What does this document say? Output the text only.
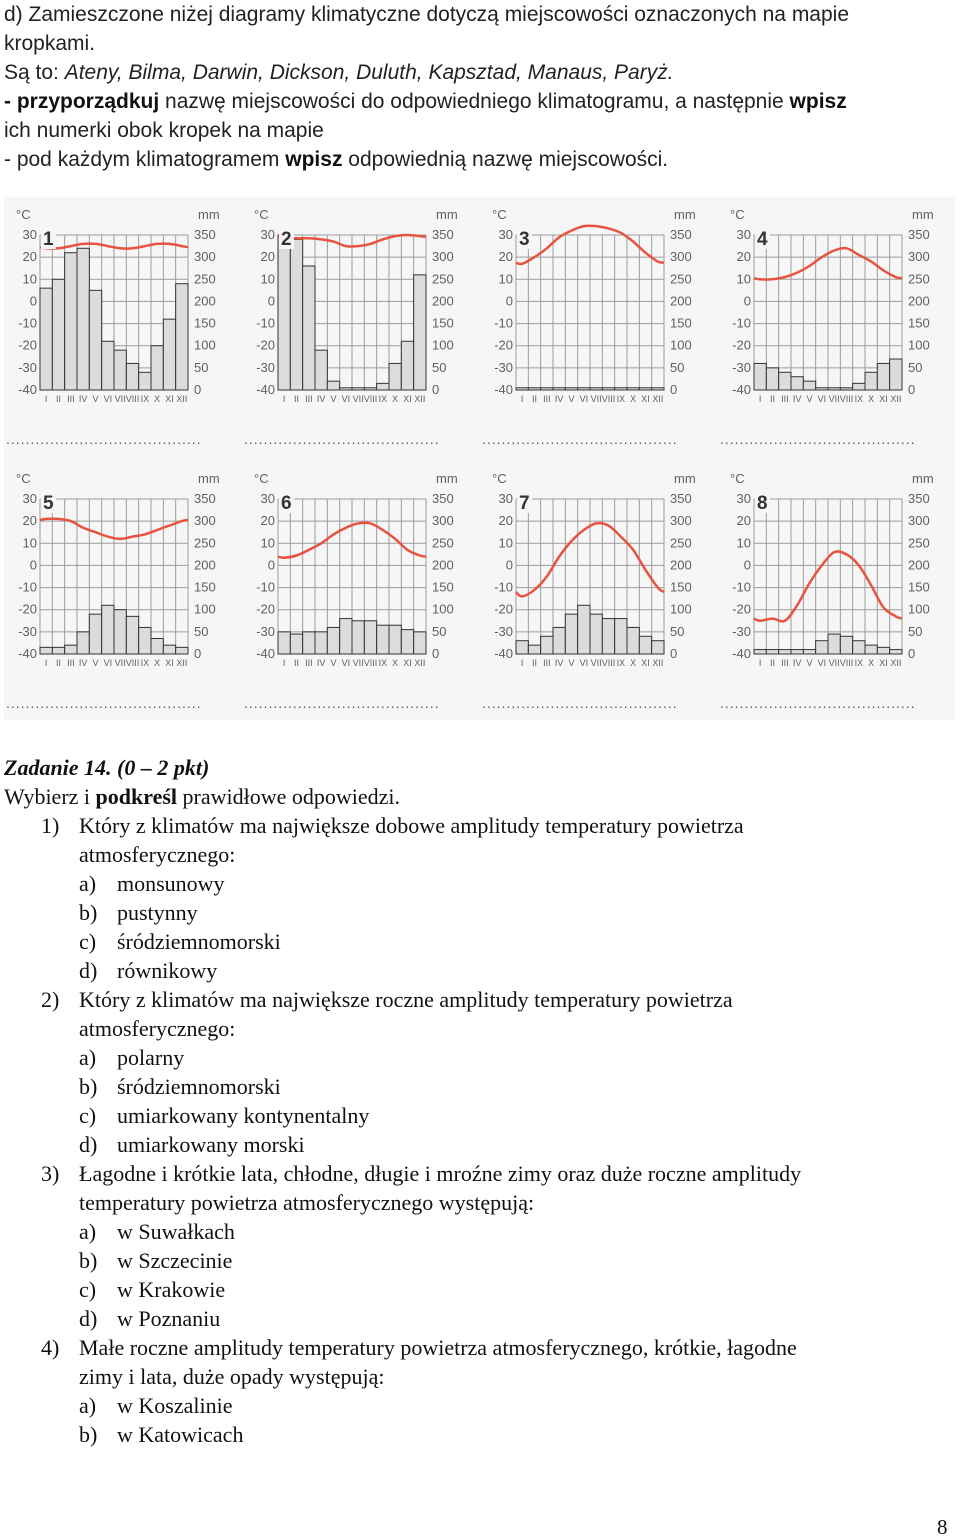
d) Zamieszczone niżej diagramy klimatyczne dotyczą miejscowości oznaczonych na mapie

kropkami.

Są to: Ateny, Bilma, Darwin, Dickson, Duluth, Kapsztad, Manaus, Paryż.

- przyporządkuj nazwę miejscowości do odpowiedniego klimatogramu, a następnie wpisz

ich numerki obok kropek na mapie

- pod każdym klimatogramem wpisz odpowiednią nazwę miejscowości.

°C	mm
30
20
10
0
-10
-20
-30
-40
350
300
250
200
150
100
50
0
I II III IV V VI VII VIII IX X XI XII
1
........................................
°C	mm
30
20
10
0
-10
-20
-30
-40
350
300
250
200
150
100
50
0
I II III IV V VI VII VIII IX X XI XII
2
........................................
°C	mm
30
20
10
0
-10
-20
-30
-40
350
300
250
200
150
100
50
0
I II III IV V VI VII VIII IX X XI XII
3
........................................
°C	mm
30
20
10
0
-10
-20
-30
-40
350
300
250
200
150
100
50
0
I II III IV V VI VII VIII IX X XI XII
4
........................................
°C	mm
30
20
10
0
-10
-20
-30
-40
350
300
250
200
150
100
50
0
I II III IV V VI VII VIII IX X XI XII
5
........................................
°C	mm
30
20
10
0
-10
-20
-30
-40
350
300
250
200
150
100
50
0
I II III IV V VI VII VIII IX X XI XII
6
........................................
°C	mm
30
20
10
0
-10
-20
-30
-40
350
300
250
200
150
100
50
0
I II III IV V VI VII VIII IX X XI XII
7
........................................
°C	mm
30
20
10
0
-10
-20
-30
-40
350
300
250
200
150
100
50
0
I II III IV V VI VII VIII IX X XI XII
8
........................................
Zadanie 14. (0 – 2 pkt)
Wybierz i podkreśl prawidłowe odpowiedzi.
1) Który z klimatów ma największe dobowe amplitudy temperatury powietrza
atmosferycznego:
a) monsunowy
b) pustynny
c) śródziemnomorski
d) równikowy
2) Który z klimatów ma największe roczne amplitudy temperatury powietrza
atmosferycznego:
a) polarny
b) śródziemnomorski
c) umiarkowany kontynentalny
d) umiarkowany morski
3) Łagodne i krótkie lata, chłodne, długie i mroźne zimy oraz duże roczne amplitudy
temperatury powietrza atmosferycznego występują:
a) w Suwałkach
b) w Szczecinie
c) w Krakowie
d) w Poznaniu
4) Małe roczne amplitudy temperatury powietrza atmosferycznego, krótkie, łagodne
zimy i lata, duże opady występują:
a) w Koszalinie
b) w Katowicach
8
